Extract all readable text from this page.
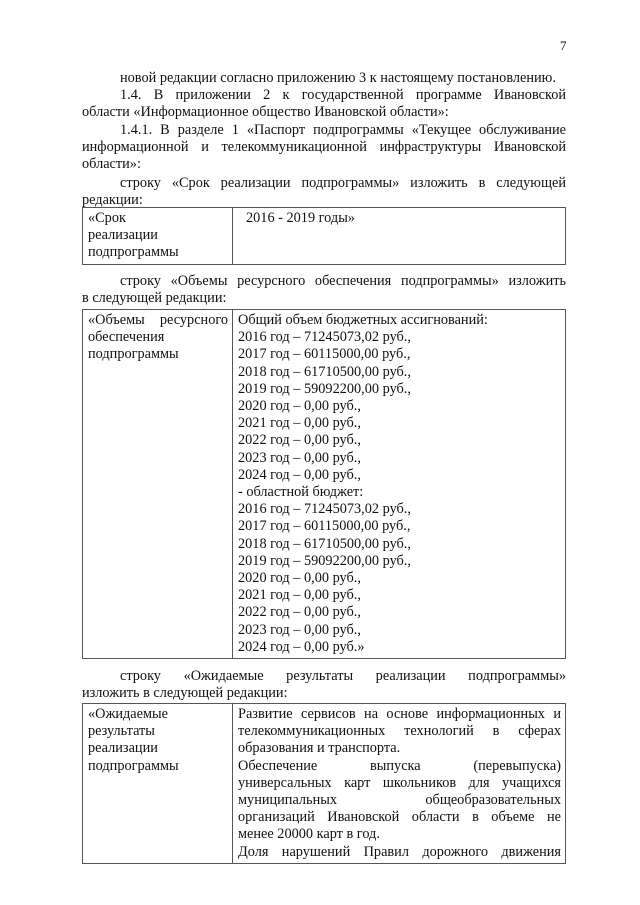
7
новой редакции согласно приложению 3 к настоящему постановлению.
1.4. В приложении 2 к государственной программе Ивановской
области «Информационное общество Ивановской области»:
1.4.1. В разделе 1 «Паспорт подпрограммы «Текущее обслуживание
информационной и телекоммуникационной инфраструктуры Ивановской
области»:
строку «Срок реализации подпрограммы» изложить в следующей
редакции:
«Срок
реализации
подпрограммы

2016 - 2019 годы»
строку «Объемы ресурсного обеспечения подпрограммы» изложить
в следующей редакции:
«Объемы ресурсного
обеспечения
подпрограммы

Общий объем бюджетных ассигнований:
2016 год – 71245073,02 руб.,
2017 год – 60115000,00 руб.,
2018 год – 61710500,00 руб.,
2019 год – 59092200,00 руб.,
2020 год – 0,00 руб.,
2021 год – 0,00 руб.,
2022 год – 0,00 руб.,
2023 год – 0,00 руб.,
2024 год – 0,00 руб.,
- областной бюджет:
2016 год – 71245073,02 руб.,
2017 год – 60115000,00 руб.,
2018 год – 61710500,00 руб.,
2019 год – 59092200,00 руб.,
2020 год – 0,00 руб.,
2021 год – 0,00 руб.,
2022 год – 0,00 руб.,
2023 год – 0,00 руб.,
2024 год – 0,00 руб.»
строку «Ожидаемые результаты реализации подпрограммы»
изложить в следующей редакции:
«Ожидаемые
результаты
реализации
подпрограммы

Развитие сервисов на основе информационных и
телекоммуникационных технологий в сферах
образования и транспорта.
Обеспечение выпуска (перевыпуска)
универсальных карт школьников для учащихся
муниципальных общеобразовательных
организаций Ивановской области в объеме не
менее 20000 карт в год.
Доля нарушений Правил дорожного движения
